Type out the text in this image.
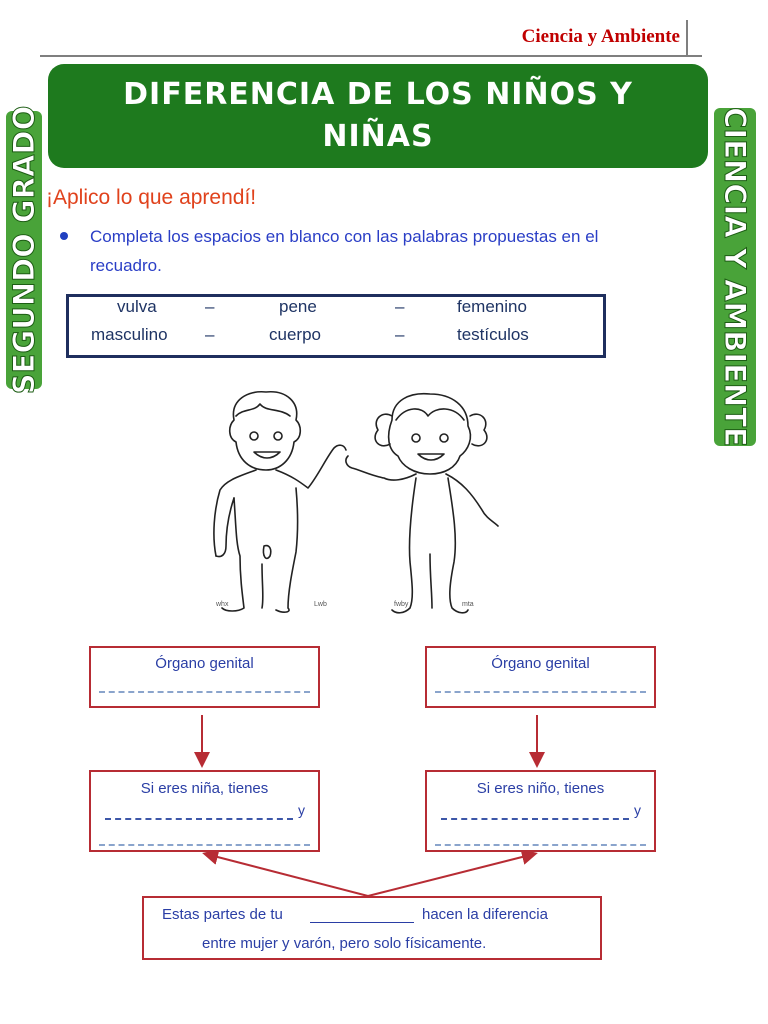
Ciencia y Ambiente
DIFERENCIA DE LOS NIÑOS Y NIÑAS
SEGUNDO GRADO	CIENCIA Y AMBIENTE
¡Aplico lo que aprendí!
Completa los espacios en blanco con las palabras propuestas en el recuadro.
vulva	–	pene	–	femenino
masculino –	cuerpo	–	testículos
whx	Lwb	fwby	mta
Órgano genital	Órgano genital
Si eres niña, tienes
y
Si eres niño, tienes
y
Estas partes de tu	hacen la diferencia
entre mujer y varón, pero solo físicamente.
